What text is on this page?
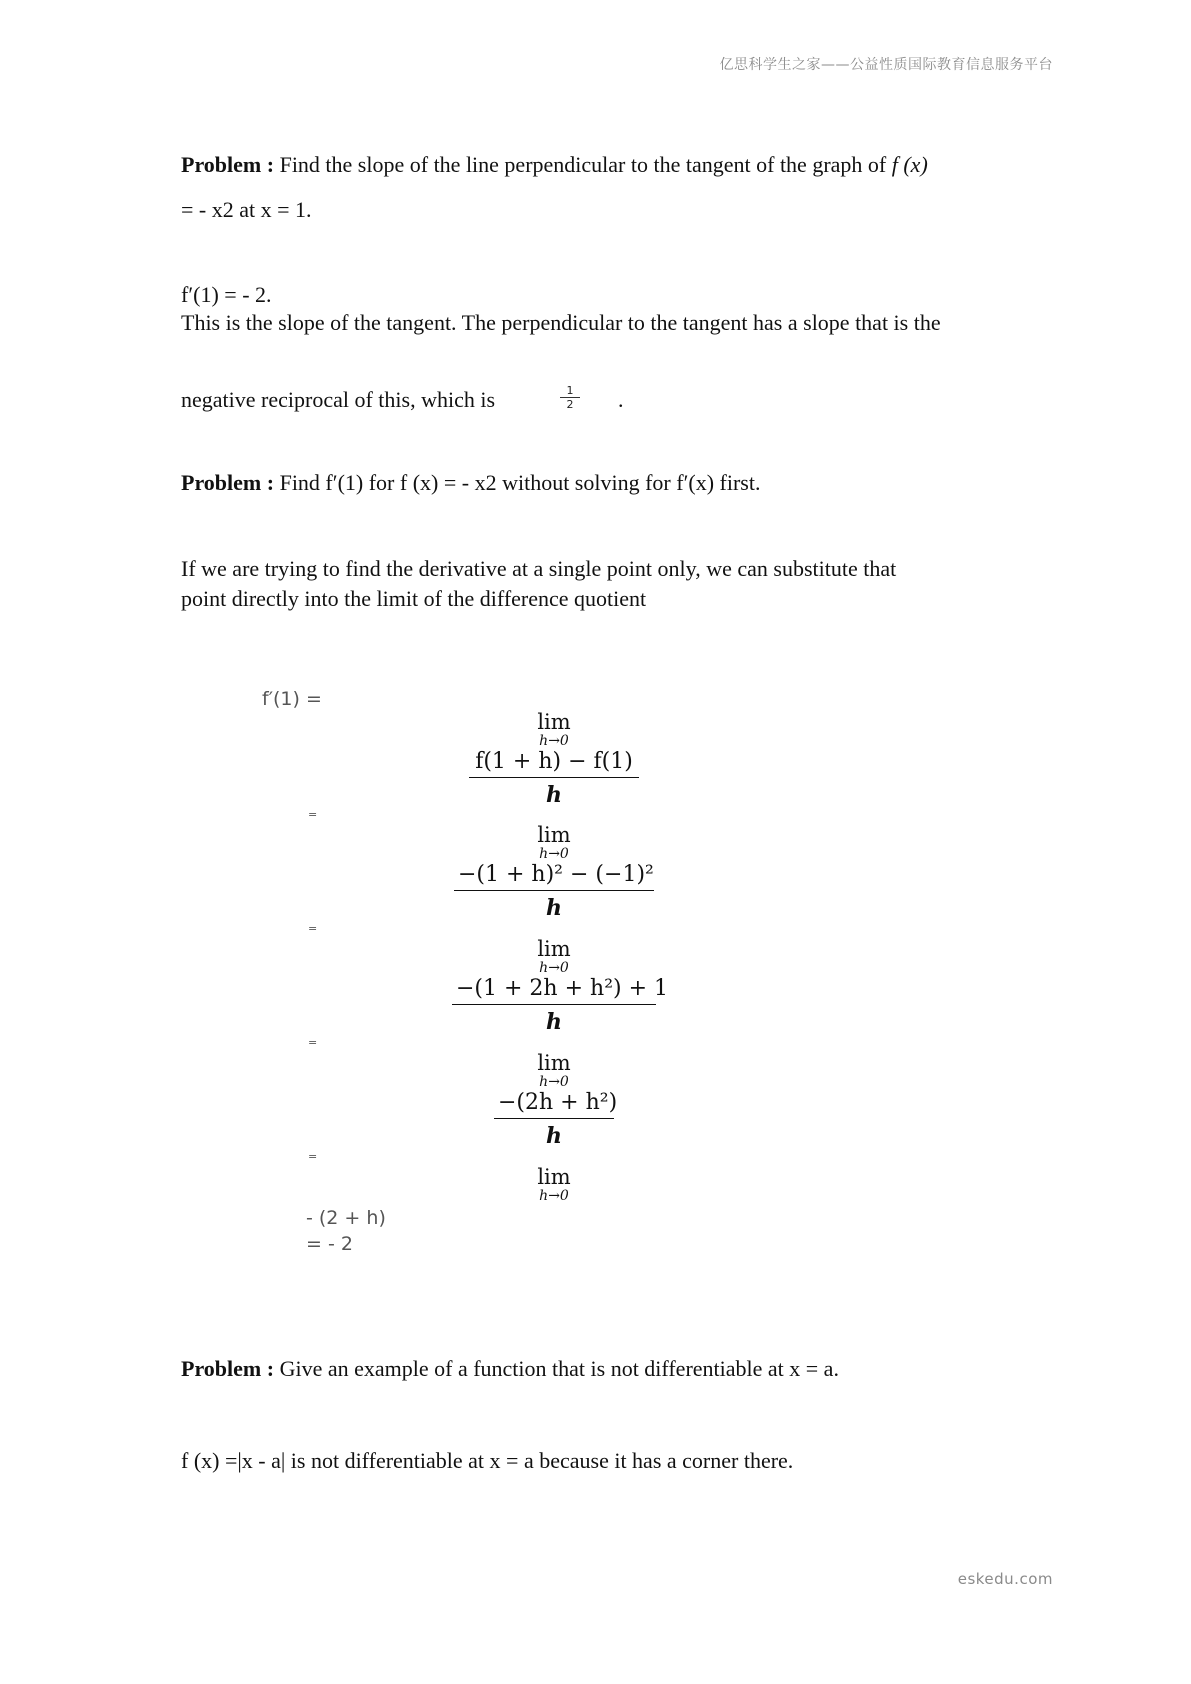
亿思科学生之家——公益性质国际教育信息服务平台
Problem : Find the slope of the line perpendicular to the tangent of the graph of f (x)
= - x2 at x = 1.
f′(1) = - 2.
This is the slope of the tangent. The perpendicular to the tangent has a slope that is the
negative reciprocal of this, which is	$\frac{1}{2}$ .
Problem : Find f′(1) for f (x) = - x2 without solving for f′(x) first.
If we are trying to find the derivative at a single point only, we can substitute that
point directly into the limit of the difference quotient
f′(1) =
lim
h→0
$\frac{f(1 + h) - f(1)}{h}$
=
lim
h→0
$\frac{\text{−(1 + h)² − (−1)²}}{h}$
=
lim
h→0
$\frac{\text{−(1 + 2h + h²) + 1}}{h}$
=
lim
h→0
$\frac{\text{−(2h + h²)}}{h}$
=
lim
h→0
- (2 + h)
= - 2
Problem : Give an example of a function that is not differentiable at x = a.
f (x) =|x - a| is not differentiable at x = a because it has a corner there.
eskedu.com
